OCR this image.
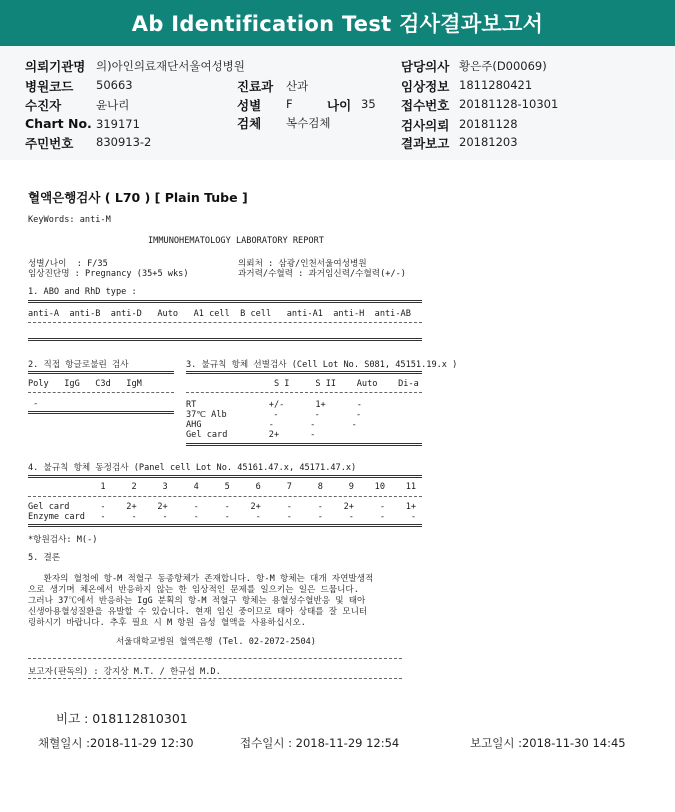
Ab Identification Test 검사결과보고서
의뢰기관명 의)아인의료재단서울여성병원	담당의사 황은주(D00069)
병원코드 50663	진료과 산과	임상정보 1811280421
수진자	윤나리	성별 F	나이 35 접수번호 20181128-10301
Chart No. 319171	검체 복수검체	검사의뢰 20181128
주민번호 830913-2	결과보고 20181203
혈액은행검사 ( L70 ) [ Plain Tube ]
KeyWords: anti-M
IMMUNOHEMATOLOGY LABORATORY REPORT
성별/나이  : F/35
임상진단명 : Pregnancy (35+5 wks)
의뢰처 : 삼광/인천서울여성병원
과거력/수혈력 : 과거임신력/수혈력(+/-)
1. ABO and RhD type :
anti-A  anti-B  anti-D   Auto   A1 cell  B cell   anti-A1  anti-H  anti-AB
2. 직접 항글로불린 검사
Poly   IgG   C3d   IgM
-
3. 불규칙 항체 선별검사 (Cell Lot No. S081, 45151.19.x )
S I     S II    Auto    Di-a
RT              +/-      1+      -
37℃ Alb         -       -       -
AHG             -       -       -
Gel card        2+      -
4. 불규칙 항체 동정검사 (Panel cell Lot No. 45161.47.x, 45171.47.x)
1     2     3     4     5     6     7     8     9    10    11
Gel card      -    2+    2+     -     -    2+     -     -    2+     -    1+
Enzyme card   -     -     -     -     -     -     -     -     -     -     -
*항원검사: M(-)
5. 결론
환자의 혈청에 항-M 적혈구 동종항체가 존재합니다. 항-M 항체는 대개 자연발생적
으로 생기며 체온에서 반응하지 않는 한 임상적인 문제를 일으키는 일은 드뭅니다.
그러나 37℃에서 반응하는 IgG 분획의 항-M 적혈구 항체는 용혈성수혈반응 및 태아
신생아용혈성질환을 유발할 수 있습니다. 현재 임신 중이므로 태아 상태를 잘 모니터
링하시기 바랍니다. 추후 필요 시 M 항원 음성 혈액을 사용하십시오.
서울대학교병원 혈액은행 (Tel. 02-2072-2504)
보고자(판독의) : 강지상 M.T. / 한규섭 M.D.
비고 : 018112810301
채혈일시 :2018-11-29 12:30	접수일시 : 2018-11-29 12:54	보고일시 :2018-11-30 14:45
